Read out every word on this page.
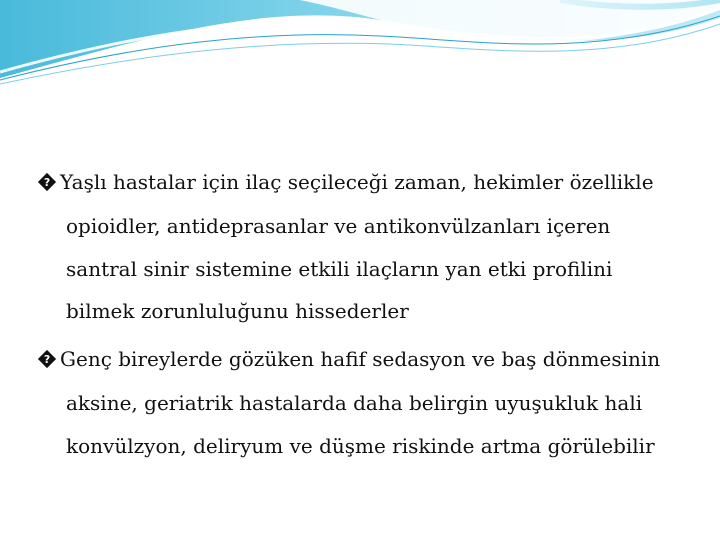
? Yaşlı hastalar için ilaç seçileceği zaman, hekimler özellikle
opioidler, antideprasanlar ve antikonvülzanları içeren
santral sinir sistemine etkili ilaçların yan etki profilini
bilmek zorunluluğunu hissederler
? Genç bireylerde gözüken hafif sedasyon ve baş dönmesinin
aksine, geriatrik hastalarda daha belirgin uyuşukluk hali
konvülzyon, deliryum ve düşme riskinde artma görülebilir
